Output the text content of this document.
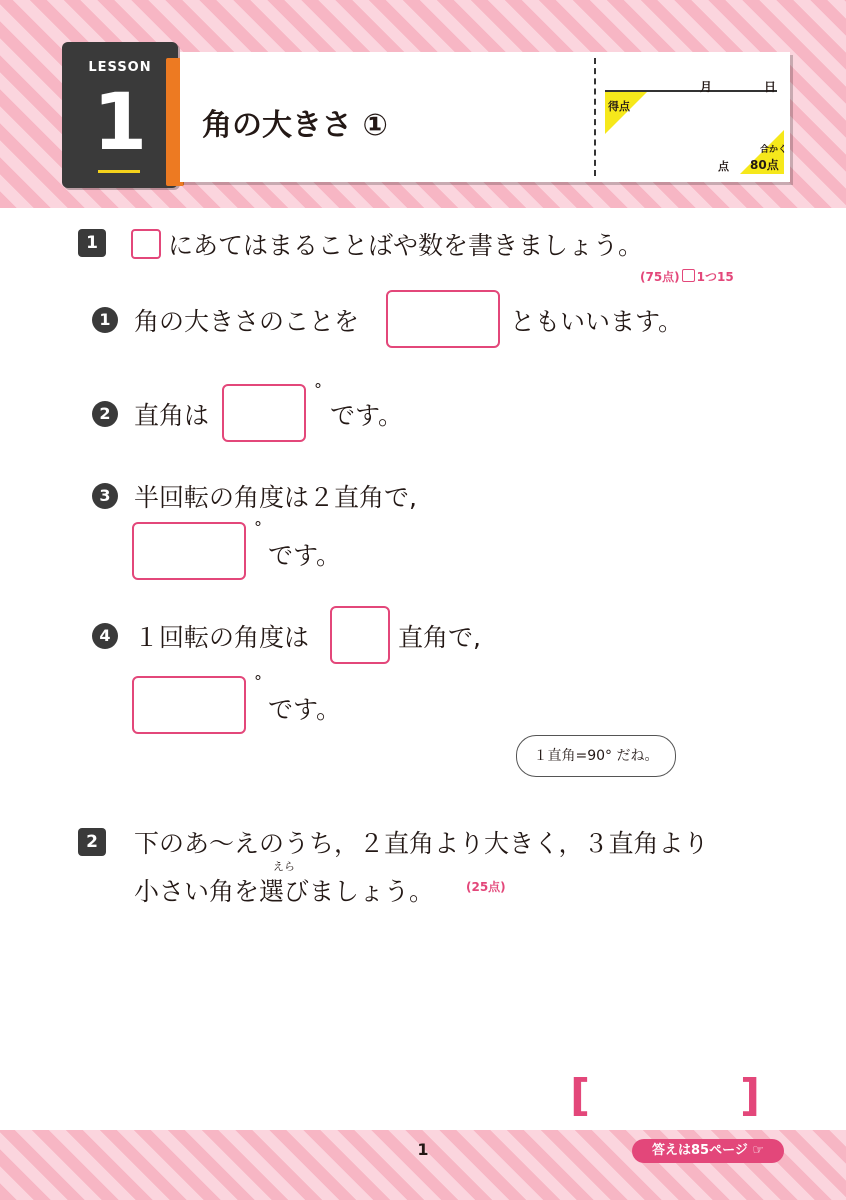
LESSON
1	角の大きさ ①
月	日
得点
合かく
80点
点
1	にあてはまることばや数を書きましょう。
(75点) 1つ15
1 角の大きさのことを	ともいいます。
2 直角は
°
です。
3 半回転の角度は２直角で,
°
です。
4 １回転の角度は	直角で,
°
です。
１直角=90° だね。
2	下のあ〜えのうち，２直角より大きく，３直角より
えら
小さい角を選びましょう。	(25点)
あ
い
う
え
[	]
1	答えは85ページ ☞
